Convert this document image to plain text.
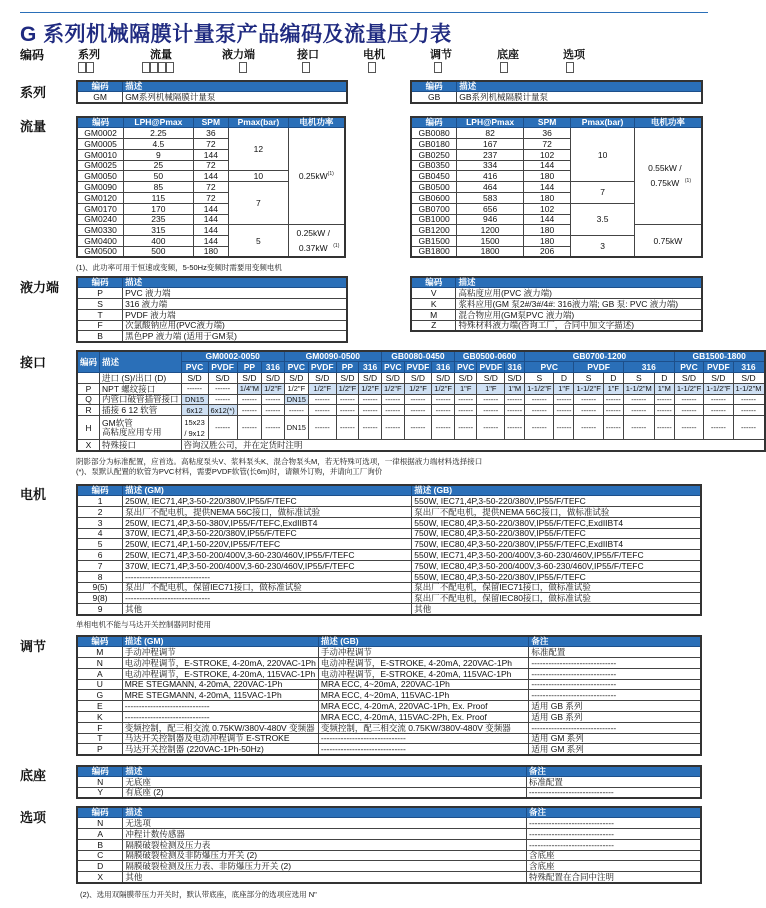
G 系列机械隔膜计量泵产品编码及流量压力表
编码	系列	流量	液力端	接口	电机	调节	底座	选项
系列
流量
液力端
接口
电机
调节
底座
选项
(1)、此功率可用于恒速或变频，5-50Hz变频时需要用变频电机
阴影部分为标准配置，应首选。高粘度泵头V、浆料泵头K、混合物泵头M，若无特殊可选项，一律根据液力端材料选择接口
(*)、泵默认配置的软管为PVC材料，需要PVDF软管(长6m)时，请额外订购，并请向工厂询价
单相电机不能与马达开关控制器同时使用
(2)、选用双隔膜带压力开关时，默认带底座，底座部分的选项应选用 N"
编码	描述
GM	GM系列机械隔膜计量泵
编码	描述
GB	GB系列机械隔膜计量泵
编码	LPH@Pmax	SPM	Pmax(bar)	电机功率
GM0002	2.25	36	12	$0.25kW^{(1)}$
GM0005	4.5	72		
GM0010	9	144		
GM0025	25	72		
GM0050	50	144	10	
GM0090	85	72	7	
GM0120	115	72		
GM0170	170	144		
GM0240	235	144		
GM0330	315	144	5	0.25kW / 0.37kW $^{(1)}$
GM0400	400	144		
GM0500	500	180		
编码	LPH@Pmax	SPM	Pmax(bar)	电机功率
GB0080	82	36	10	0.55kW / 0.75kW $^{(1)}$
GB0180	167	72		
GB0250	237	102		
GB0350	334	144		
GB0450	416	180		
GB0500	464	144	7	
GB0600	583	180		
GB0700	656	102	3.5	
GB1000	946	144		
GB1200	1200	180		0.75kW
GB1500	1500	180	3	
GB1800	1800	206		
编码	描述
P	PVC 液力端
S	316 液力端
T	PVDF 液力端
F	次氯酸钠应用(PVC液力端)
B	黑色PP 液力端 (适用于GM泵)
编码	描述
V	高粘度应用(PVC 液力端)
K	浆料应用(GM 泵2#/3#/4#: 316液力端; GB 泵: PVC 液力端)
M	混合物应用(GM泵PVC 液力端)
Z	特殊材料液力端(咨询工厂，合同中加文字描述)
编码	描述	GM0002-0050				GM0090-0500				GB0080-0450			GB0500-0600			GB0700-1200						GB1500-1800		
		PVC	PVDF	PP	316	PVC	PVDF	PP	316	PVC	PVDF	316	PVC	PVDF	316	PVC		PVDF		316		PVC	PVDF	316
	进口 (S)/出口 (D)	S/D	S/D	S/D	S/D	S/D	S/D	S/D	S/D	S/D	S/D	S/D	S/D	S/D	S/D	S	D	S	D	S	D	S/D	S/D	S/D
P	NPT 螺纹接口	------	------	1/4"M	1/2"F	1/2"F	1/2"F	1/2"F	1/2"F	1/2"F	1/2"F	1/2"F	1"F	1"F	1"M	1-1/2"F	1"F	1-1/2"F	1"F	1-1/2"M	1"M	1-1/2"F	1-1/2"F	1-1/2"M
Q	内管口破管插管接口	DN15	------	------	------	DN15	------	------	------	------	------	------	------	------	------	------	------	------	------	------	------	------	------	------
R	插接 6 12 软管	6x12	6x12(*)	------	------	------	------	------	------	------	------	------	------	------	------	------	------	------	------	------	------	------	------	------
H	GM软管
高粘度应用专用	15x23 / 9x12	------	------	------	DN15	------	------	------	------	------	------	------	------	------	------	------	------	------	------	------	------	------	------
X	特殊接口	咨询汉胜公司，并在定货时注明																						
编码	描述 (GM)	描述 (GB)
1	250W, IEC71,4P,3-50-220/380V,IP55/F/TEFC	550W, IEC71,4P,3-50-220/380V,IP55/F/TEFC
2	泵出厂不配电机，提供NEMA 56C接口，做标准试验	泵出厂不配电机，提供NEMA 56C接口，做标准试验
3	250W, IEC71,4P,3-50-380V,IP55/F/TEFC,ExdIIBT4	550W, IEC80,4P,3-50-220/380V,IP55/F/TEFC,ExdIIBT4
4	370W, IEC71,4P,3-50-220/380V,IP55/F/TEFC	750W, IEC80,4P,3-50-220/380V,IP55/F/TEFC
5	250W, IEC71,4P,1-50-220V,IP55/F/TEFC	750W, IEC80,4P,3-50-220/380V,IP55/F/TEFC,ExdIIBT4
6	250W, IEC71,4P,3-50-200/400V,3-60-230/460V,IP55/F/TEFC	550W, IEC71,4P,3-50-200/400V,3-60-230/460V,IP55/F/TEFC
7	370W, IEC71,4P,3-50-200/400V,3-60-230/460V,IP55/F/TEFC	750W, IEC80,4P,3-50-200/400V,3-60-230/460V,IP55/F/TEFC
8	------------------------------	550W, IEC80,4P,3-50-220/380V,IP55/F/TEFC
9(5)	泵出厂不配电机，保留IEC71接口，做标准试验	泵出厂不配电机，保留IEC71接口，做标准试验
9(8)	------------------------------	泵出厂不配电机，保留IEC80接口，做标准试验
9	其他	其他
编码	描述 (GM)	描述 (GB)	备注
M	手动冲程调节	手动冲程调节	标准配置
N	电动冲程调节，E-STROKE, 4-20mA, 220VAC-1Ph	电动冲程调节，E-STROKE, 4-20mA, 220VAC-1Ph	------------------------------
A	电动冲程调节，E-STROKE, 4-20mA, 115VAC-1Ph	电动冲程调节，E-STROKE, 4-20mA, 115VAC-1Ph	------------------------------
U	MRE STEGMANN, 4-20mA, 220VAC-1Ph	MRA ECC, 4~20mA, 220VAC-1Ph	------------------------------
G	MRE STEGMANN, 4-20mA, 115VAC-1Ph	MRA ECC, 4~20mA, 115VAC-1Ph	------------------------------
E	------------------------------	MRA ECC, 4-20mA, 220VAC-1Ph, Ex. Proof	适用 GB 系列
K	------------------------------	MRA ECC, 4-20mA, 115VAC-2Ph, Ex. Proof	适用 GB 系列
F	变频控制，配三相交流 0.75KW/380V-480V 变频器	变频控制，配三相交流 0.75KW/380V-480V 变频器	------------------------------
T	马达开关控制器及电动冲程调节 E-STROKE	------------------------------	适用 GM 系列
P	马达开关控制器 (220VAC-1Ph-50Hz)	------------------------------	适用 GM 系列
编码	描述	备注
N	无底座	标准配置
Y	有底座 (2)	------------------------------
编码	描述	备注
N	无选项	------------------------------
A	冲程计数传感器	------------------------------
B	隔膜破裂检测及压力表	------------------------------
C	隔膜破裂检测及非防爆压力开关 (2)	含底座
D	隔膜破裂检测及压力表、非防爆压力开关 (2)	含底座
X	其他	特殊配置在合同中注明
